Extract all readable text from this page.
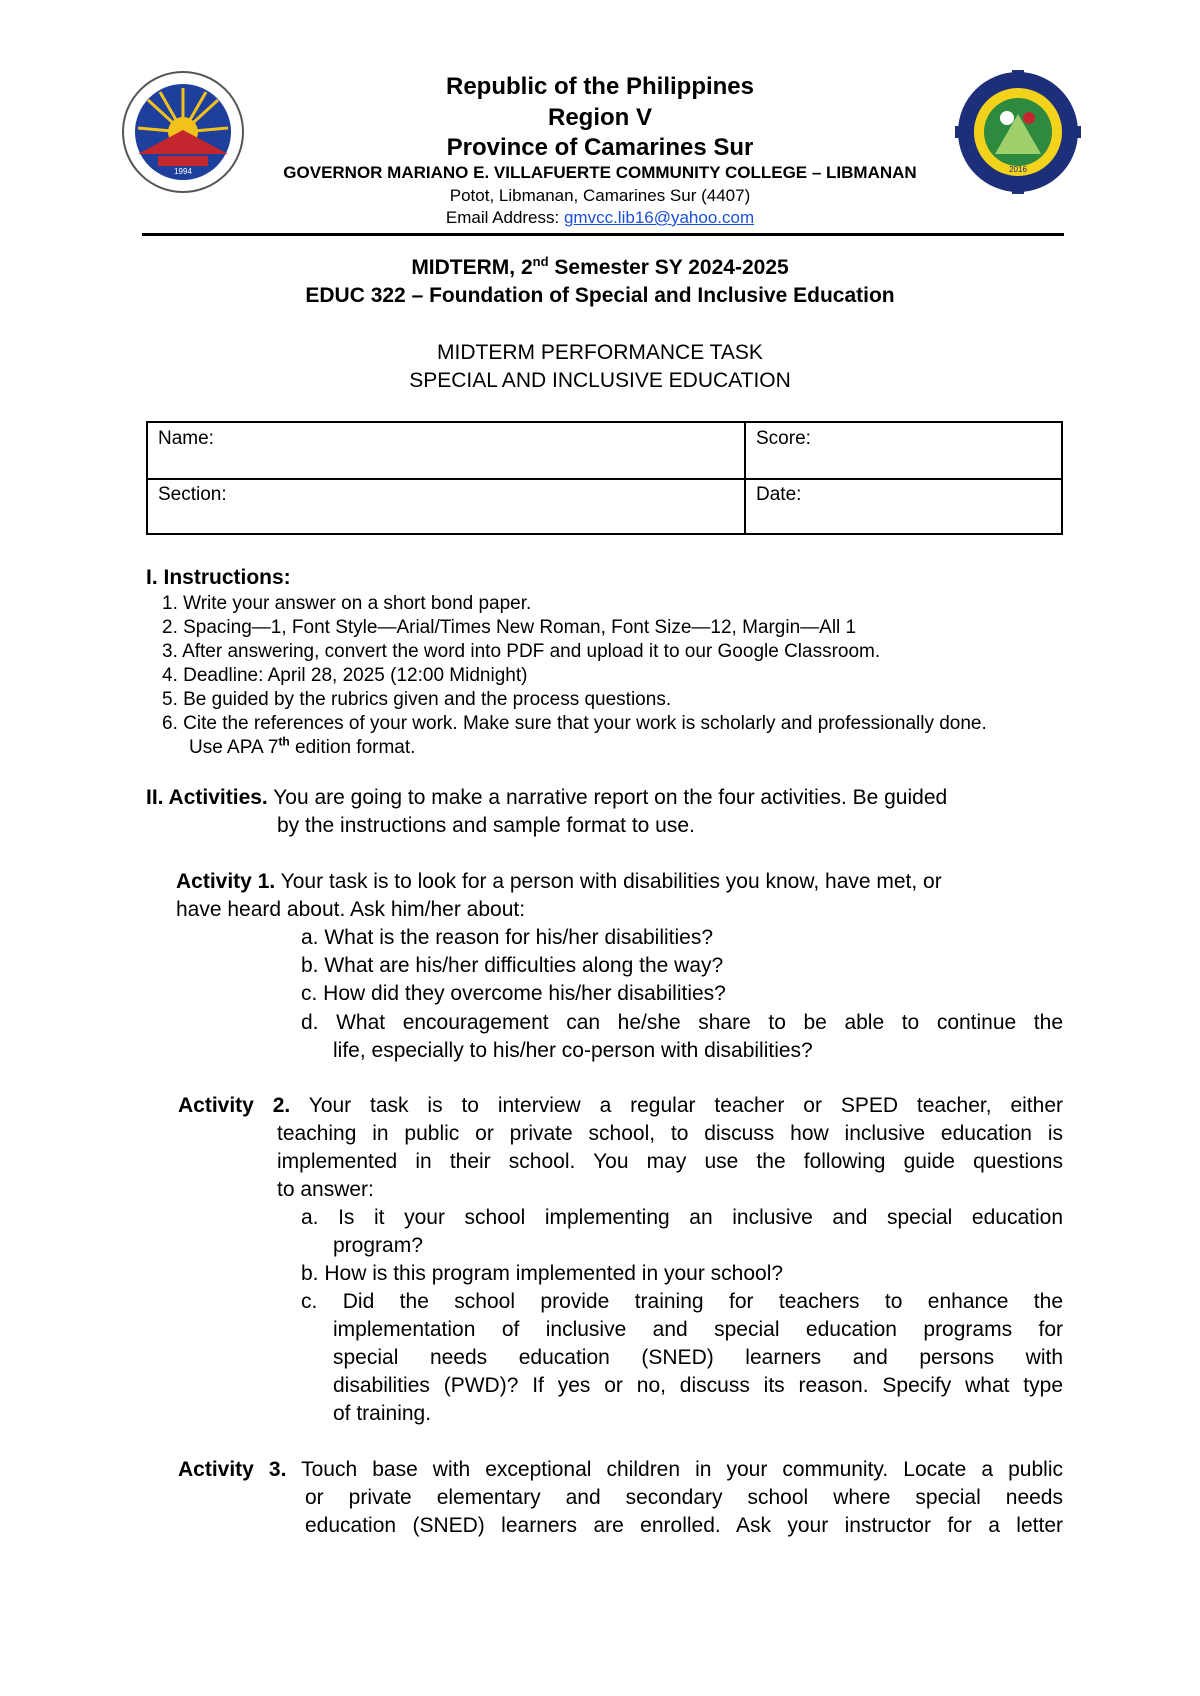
1994	2016
Republic of the Philippines
Region V
Province of Camarines Sur
GOVERNOR MARIANO E. VILLAFUERTE COMMUNITY COLLEGE – LIBMANAN
Potot, Libmanan, Camarines Sur (4407)
Email Address: gmvcc.lib16@yahoo.com
MIDTERM, 2nd Semester SY 2024-2025
EDUC 322 – Foundation of Special and Inclusive Education
MIDTERM PERFORMANCE TASK
SPECIAL AND INCLUSIVE EDUCATION
Name:	Score:
Section:	Date:
I. Instructions:
1. Write your answer on a short bond paper.
2. Spacing—1, Font Style—Arial/Times New Roman, Font Size—12, Margin—All 1
3. After answering, convert the word into PDF and upload it to our Google Classroom.
4. Deadline: April 28, 2025 (12:00 Midnight)
5. Be guided by the rubrics given and the process questions.
6. Cite the references of your work. Make sure that your work is scholarly and professionally done.
Use APA 7th edition format.
II. Activities. You are going to make a narrative report on the four activities. Be guided
by the instructions and sample format to use.
Activity 1. Your task is to look for a person with disabilities you know, have met, or
have heard about. Ask him/her about:
a. What is the reason for his/her disabilities?
b. What are his/her difficulties along the way?
c. How did they overcome his/her disabilities?
d. What encouragement can he/she share to be able to continue the
life, especially to his/her co-person with disabilities?
Activity 2. Your task is to interview a regular teacher or SPED teacher, either
teaching in public or private school, to discuss how inclusive education is
implemented in their school. You may use the following guide questions
to answer:
a. Is it your school implementing an inclusive and special education
program?
b. How is this program implemented in your school?
c. Did the school provide training for teachers to enhance the
implementation of inclusive and special education programs for
special needs education (SNED) learners and persons with
disabilities (PWD)? If yes or no, discuss its reason. Specify what type
of training.
Activity 3. Touch base with exceptional children in your community. Locate a public
or private elementary and secondary school where special needs
education (SNED) learners are enrolled. Ask your instructor for a letter
